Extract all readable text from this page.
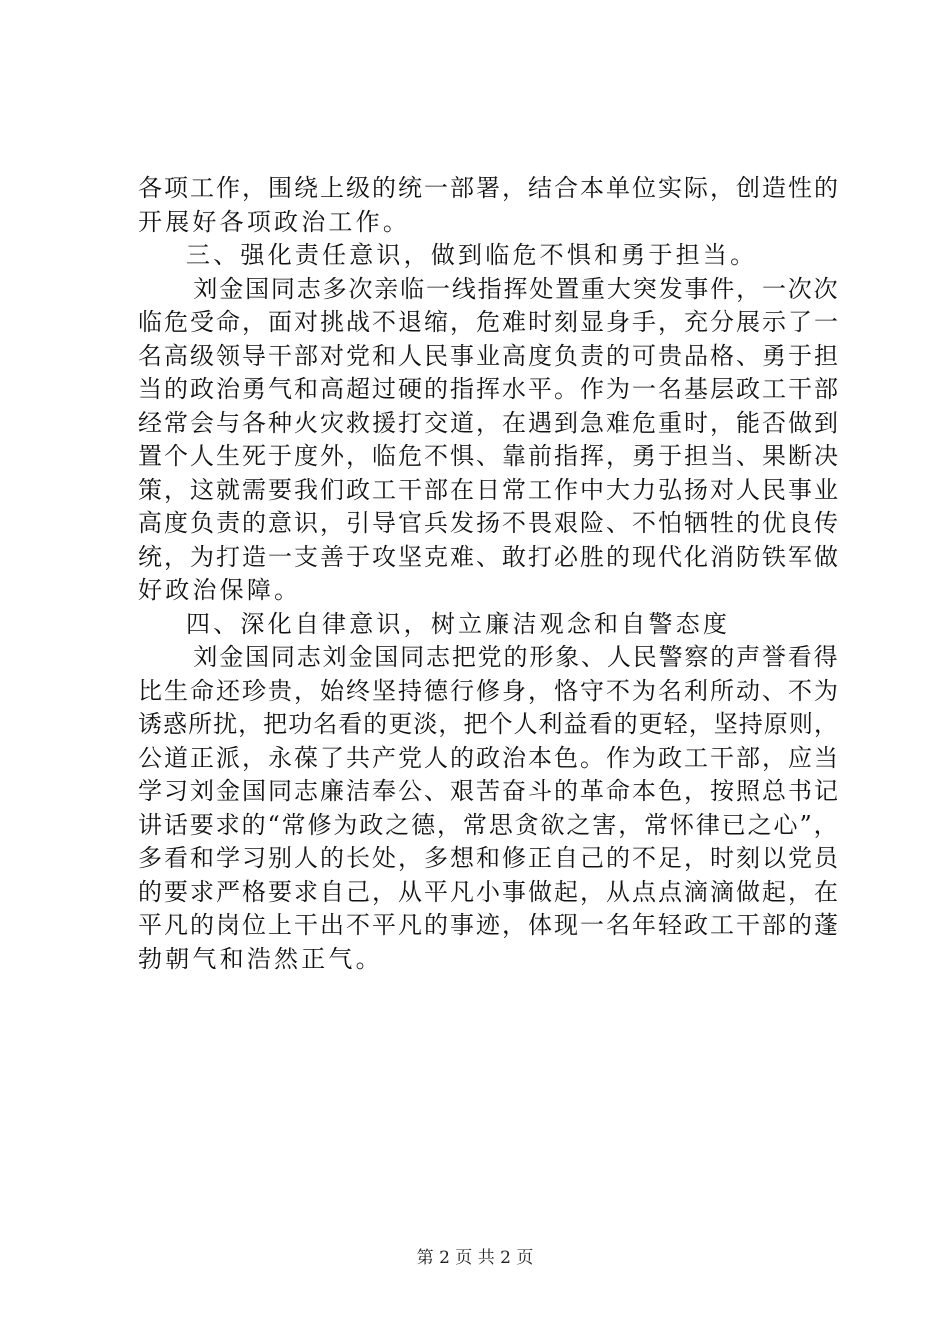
各 项 工 作 ， 围 绕 上 级 的 统 一 部 署 ， 结 合 本 单 位 实 际 ， 创 造 性 的
开 展 好 各 项 政 治 工 作 。

三 、 强 化 责 任 意 识 ， 做 到 临 危 不 惧 和 勇 于 担 当 。

刘 金 国 同 志 多 次 亲 临 一 线 指 挥 处 置 重 大 突 发 事 件 ， 一 次 次
临 危 受 命 ， 面 对 挑 战 不 退 缩 ， 危 难 时 刻 显 身 手 ， 充 分 展 示 了 一
名 高 级 领 导 干 部 对 党 和 人 民 事 业 高 度 负 责 的 可 贵 品 格 、 勇 于 担
当 的 政 治 勇 气 和 高 超 过 硬 的 指 挥 水 平 。 作 为 一 名 基 层 政 工 干 部
经 常 会 与 各 种 火 灾 救 援 打 交 道 ， 在 遇 到 急 难 危 重 时 ， 能 否 做 到
置 个 人 生 死 于 度 外 ， 临 危 不 惧 、 靠 前 指 挥 ， 勇 于 担 当 、 果 断 决
策 ， 这 就 需 要 我 们 政 工 干 部 在 日 常 工 作 中 大 力 弘 扬 对 人 民 事 业
高 度 负 责 的 意 识 ， 引 导 官 兵 发 扬 不 畏 艰 险 、 不 怕 牺 牲 的 优 良 传
统 ， 为 打 造 一 支 善 于 攻 坚 克 难 、 敢 打 必 胜 的 现 代 化 消 防 铁 军 做
好 政 治 保 障 。

四 、 深 化 自 律 意 识 ， 树 立 廉 洁 观 念 和 自 警 态 度

刘 金 国 同 志 刘 金 国 同 志 把 党 的 形 象 、 人 民 警 察 的 声 誉 看 得
比 生 命 还 珍 贵 ， 始 终 坚 持 德 行 修 身 ， 恪 守 不 为 名 利 所 动 、 不 为
诱 惑 所 扰 ， 把 功 名 看 的 更 淡 ， 把 个 人 利 益 看 的 更 轻 ， 坚 持 原 则 ，
公 道 正 派 ， 永 葆 了 共 产 党 人 的 政 治 本 色 。 作 为 政 工 干 部 ， 应 当
学 习 刘 金 国 同 志 廉 洁 奉 公 、 艰 苦 奋 斗 的 革 命 本 色 ， 按 照 总 书 记
讲 话 要 求 的 “ 常 修 为 政 之 德 ， 常 思 贪 欲 之 害 ， 常 怀 律 已 之 心 ” ，
多 看 和 学 习 别 人 的 长 处 ， 多 想 和 修 正 自 己 的 不 足 ， 时 刻 以 党 员
的 要 求 严 格 要 求 自 己 ， 从 平 凡 小 事 做 起 ， 从 点 点 滴 滴 做 起 ， 在
平 凡 的 岗 位 上 干 出 不 平 凡 的 事 迹 ， 体 现 一 名 年 轻 政 工 干 部 的 蓬
勃 朝 气 和 浩 然 正 气 。
第 2 页 共 2 页
